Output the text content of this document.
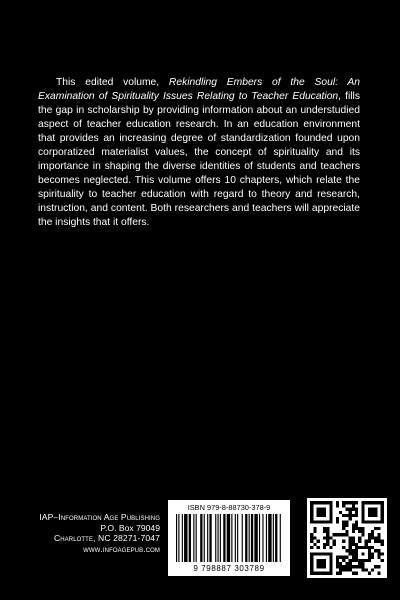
This edited volume, Rekindling Embers of the Soul: An Examination of Spirituality Issues Relating to Teacher Education, fills the gap in scholarship by providing information about an understudied aspect of teacher education research. In an education environment that provides an increasing degree of standardization founded upon corporatized materialist values, the concept of spirituality and its importance in shaping the diverse identities of students and teachers becomes neglected. This volume offers 10 chapters, which relate the spirituality to teacher education with regard to theory and research, instruction, and content. Both researchers and teachers will appreciate the insights that it offers.

IAP–Information Age Publishing
P.O. Box 79049
Charlotte, NC 28271-7047
www.infoagepub.com
ISBN 979-8-88730-378-9
9 798887 303789
